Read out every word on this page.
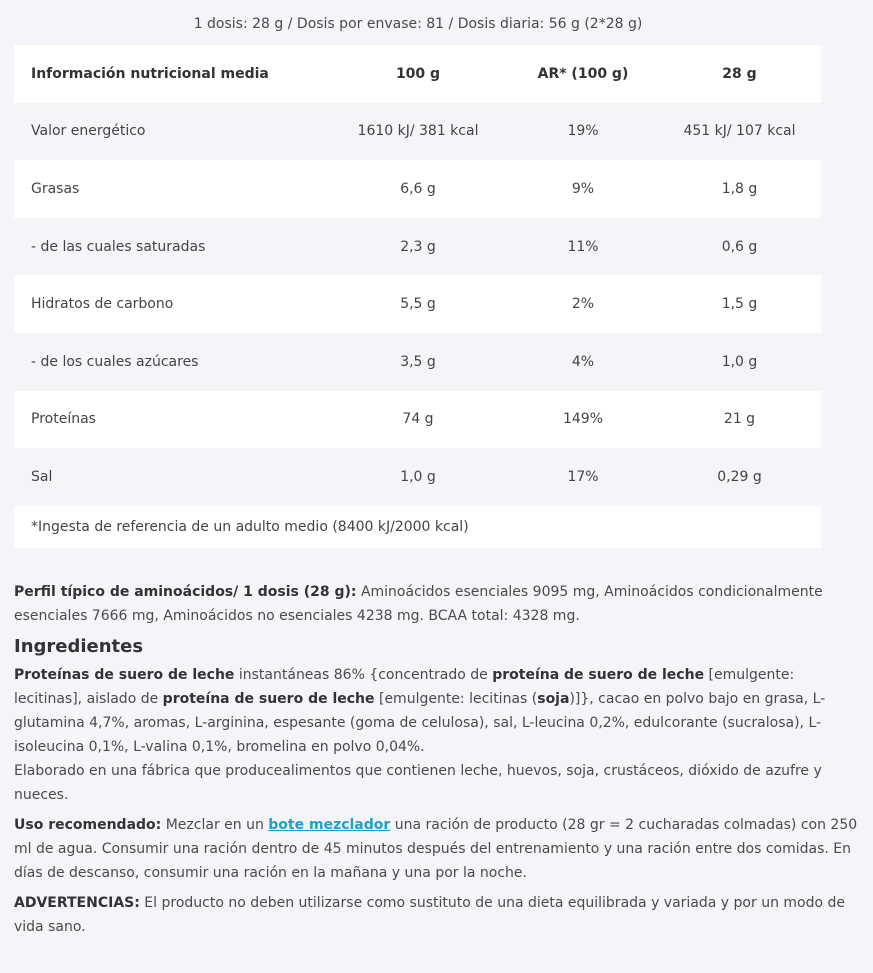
1 dosis: 28 g / Dosis por envase: 81 / Dosis diaria: 56 g (2*28 g)
Información nutricional media	100 g	AR* (100 g)	28 g
Valor energético	1610 kJ/ 381 kcal	19%	451 kJ/ 107 kcal
Grasas	6,6 g	9%	1,8 g
- de las cuales saturadas	2,3 g	11%	0,6 g
Hidratos de carbono	5,5 g	2%	1,5 g
- de los cuales azúcares	3,5 g	4%	1,0 g
Proteínas	74 g	149%	21 g
Sal	1,0 g	17%	0,29 g
*Ingesta de referencia de un adulto medio (8400 kJ/2000 kcal)
Perfil típico de aminoácidos/ 1 dosis (28 g): Aminoácidos esenciales 9095 mg, Aminoácidos condicionalmente esenciales 7666 mg, Aminoácidos no esenciales 4238 mg. BCAA total: 4328 mg.
Ingredientes
Proteínas de suero de leche instantáneas 86% {concentrado de proteína de suero de leche [emulgente: lecitinas], aislado de proteína de suero de leche [emulgente: lecitinas (soja)]}, cacao en polvo bajo en grasa, L-glutamina 4,7%, aromas, L-arginina, espesante (goma de celulosa), sal, L-leucina 0,2%, edulcorante (sucralosa), L-isoleucina 0,1%, L-valina 0,1%, bromelina en polvo 0,04%.
Elaborado en una fábrica que producealimentos que contienen leche, huevos, soja, crustáceos, dióxido de azufre y nueces.
Uso recomendado: Mezclar en un bote mezclador una ración de producto (28 gr = 2 cucharadas colmadas) con 250 ml de agua. Consumir una ración dentro de 45 minutos después del entrenamiento y una ración entre dos comidas. En días de descanso, consumir una ración en la mañana y una por la noche.
ADVERTENCIAS: El producto no deben utilizarse como sustituto de una dieta equilibrada y variada y por un modo de vida sano.
